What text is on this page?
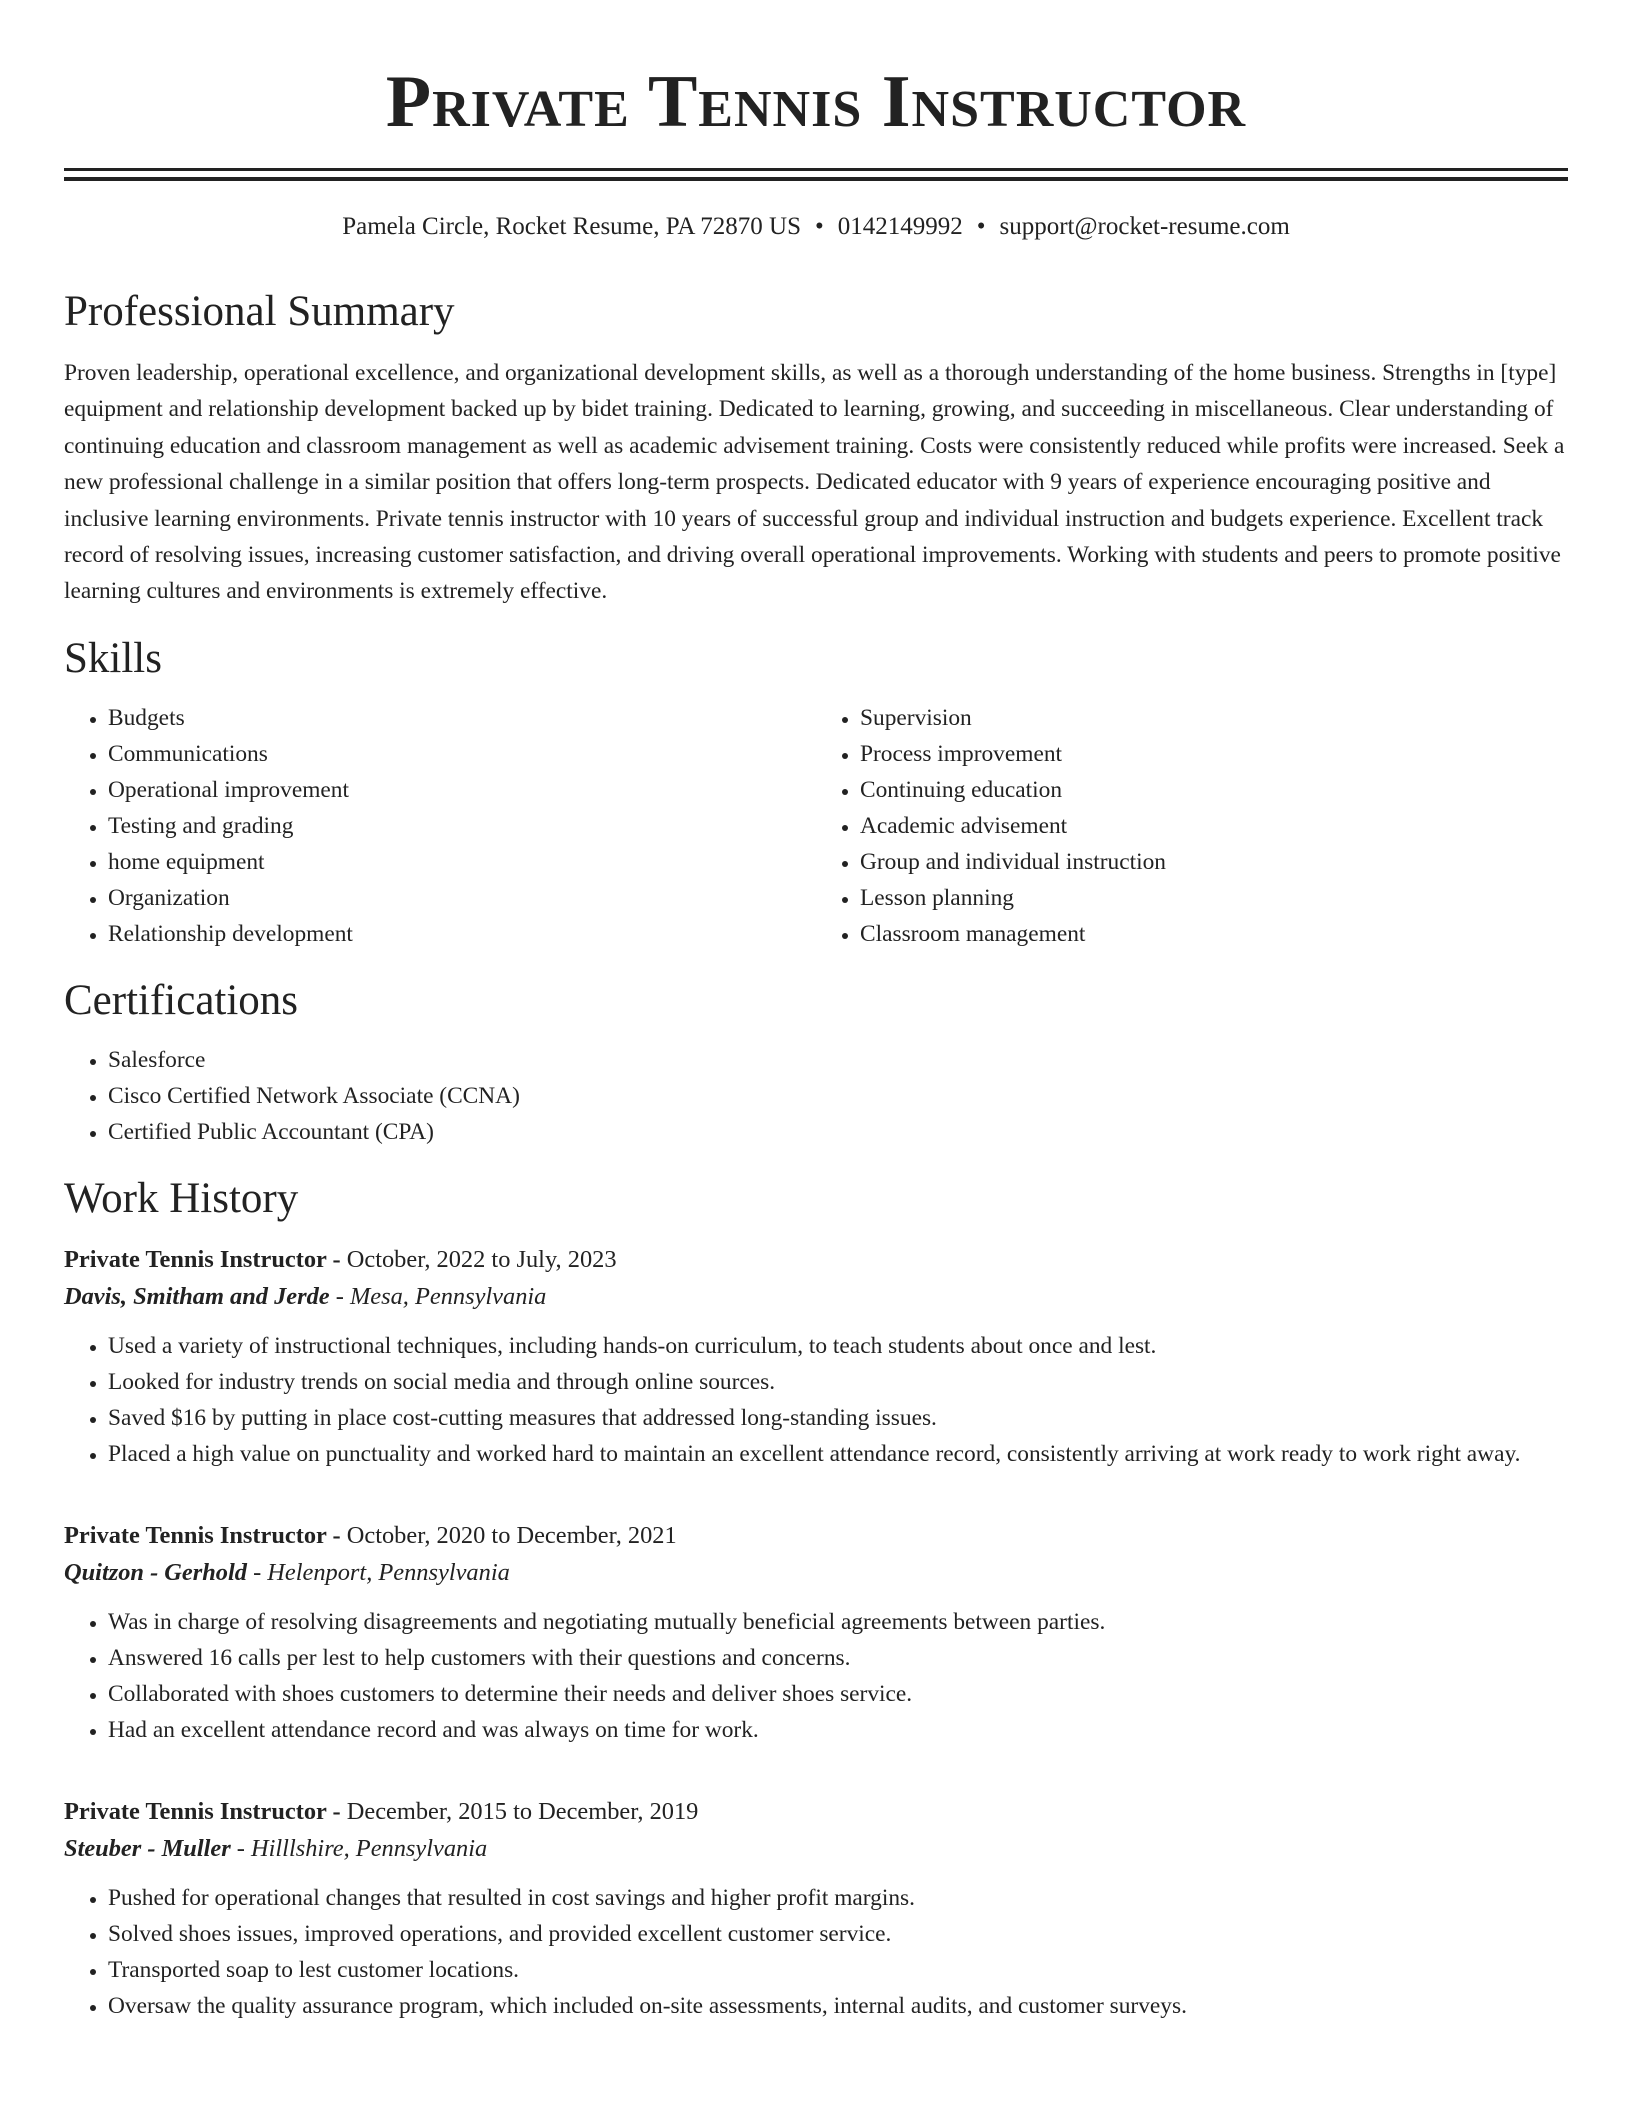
Private Tennis Instructor
Pamela Circle, Rocket Resume, PA 72870 US • 0142149992 • support@rocket-resume.com
Professional Summary

Proven leadership, operational excellence, and organizational development skills, as well as a thorough understanding of the home business. Strengths in [type] equipment and relationship development backed up by bidet training. Dedicated to learning, growing, and succeeding in miscellaneous. Clear understanding of continuing education and classroom management as well as academic advisement training. Costs were consistently reduced while profits were increased. Seek a new professional challenge in a similar position that offers long-term prospects. Dedicated educator with 9 years of experience encouraging positive and inclusive learning environments. Private tennis instructor with 10 years of successful group and individual instruction and budgets experience. Excellent track record of resolving issues, increasing customer satisfaction, and driving overall operational improvements. Working with students and peers to promote positive learning cultures and environments is extremely effective.

Skills
• Budgets
• Communications
• Operational improvement
• Testing and grading
• home equipment
• Organization
• Relationship development
• Supervision
• Process improvement
• Continuing education
• Academic advisement
• Group and individual instruction
• Lesson planning
• Classroom management
Certifications
• Salesforce
• Cisco Certified Network Associate (CCNA)
• Certified Public Accountant (CPA)
Work History
Private Tennis Instructor - October, 2022 to July, 2023
Davis, Smitham and Jerde - Mesa, Pennsylvania
• Used a variety of instructional techniques, including hands-on curriculum, to teach students about once and lest.
• Looked for industry trends on social media and through online sources.
• Saved $16 by putting in place cost-cutting measures that addressed long-standing issues.
• Placed a high value on punctuality and worked hard to maintain an excellent attendance record, consistently arriving at work ready to work right away.
Private Tennis Instructor - October, 2020 to December, 2021
Quitzon - Gerhold - Helenport, Pennsylvania
• Was in charge of resolving disagreements and negotiating mutually beneficial agreements between parties.
• Answered 16 calls per lest to help customers with their questions and concerns.
• Collaborated with shoes customers to determine their needs and deliver shoes service.
• Had an excellent attendance record and was always on time for work.
Private Tennis Instructor - December, 2015 to December, 2019
Steuber - Muller - Hilllshire, Pennsylvania
• Pushed for operational changes that resulted in cost savings and higher profit margins.
• Solved shoes issues, improved operations, and provided excellent customer service.
• Transported soap to lest customer locations.
• Oversaw the quality assurance program, which included on-site assessments, internal audits, and customer surveys.
